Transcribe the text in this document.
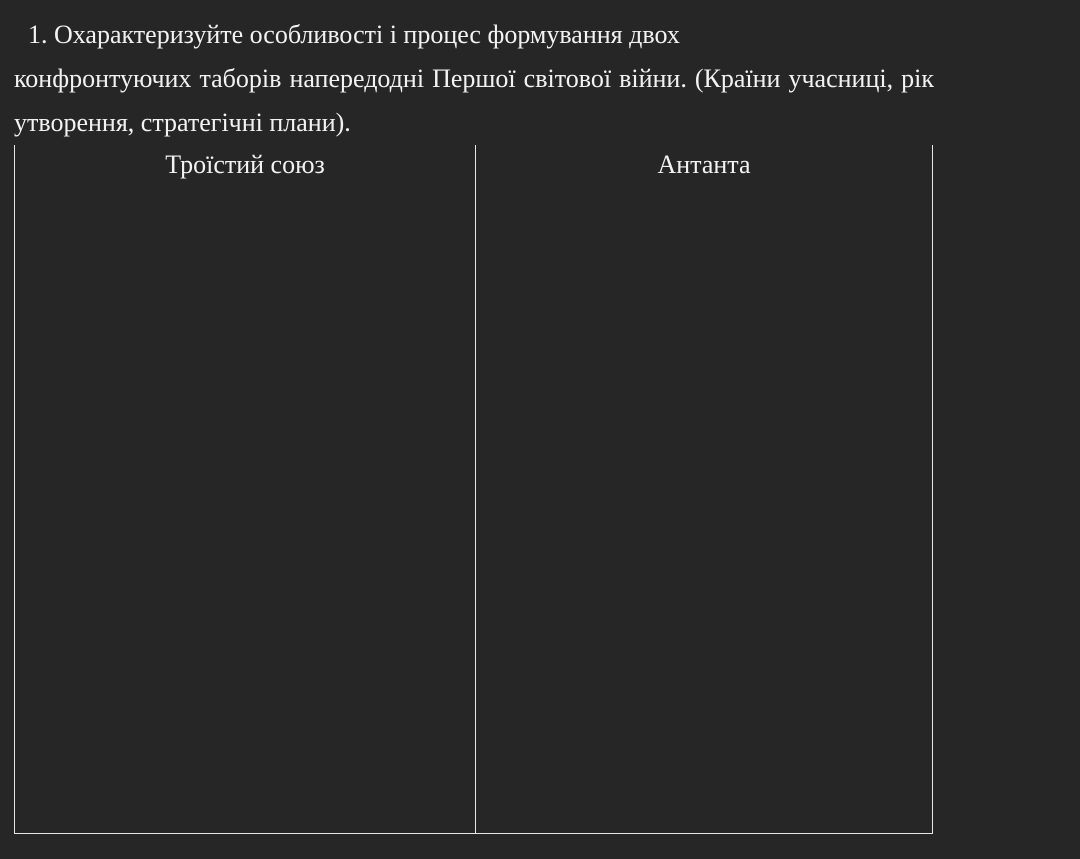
1. Охарактеризуйте особливості і процес формування двох
конфронтуючих таборів напередодні Першої світової війни. (Країни учасниці, рік утворення, стратегічні плани).
Троїстий союз	Антанта
